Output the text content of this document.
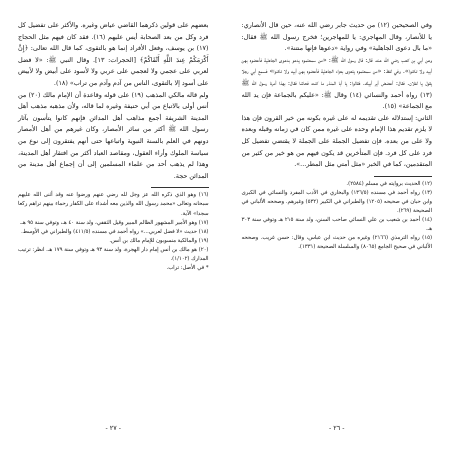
بعضهم على قولين ذكرهما القاضي عياض وغيره. والأكثر على تفضيل كل فرد وكل من بعد الصحابة أيس عليهم (١٦). فقد كان فيهم مثل الحجاج (١٧) بن يوسف، وفعل الأفراد إنما هو بالتقوى، كما قال الله تعالى: ﴿إِنَّ أَكْرَمَكُمْ عِندَ اللَّهِ أَتْقَاكُمْ﴾ [الحجرات: ١٣]. وقال النبي ﷺ: «لا فضل لعربي على عجمي ولا لعجمي على عربي ولا لأسود على أبيض ولا لأبيض على أسود إلا بالتقوى، الناس من آدم وآدم من تراب» (١٨).

ولم قاله مالكي المذهب (١٩) على قوله وقاعدة أن الإمام مالك (٢٠) من أنس أولى بالاتباع من أبي حنيفة وغيره لما قاله، ولأن مذهبه مذهب أهل المدينة الشريفة أجمع مذاهب أهل المدائن فإنهم كانوا يتأسون بآثار رسول الله ﷺ أكثر من سائر الأمصار، وكان غيرهم من أهل الأمصار دونهم في العلم بالسنة النبوية واتباعها حتى أنهم يفتقرون إلى نوع من سياسة الملوك وأراء العقول، ومقاصد العباد أكثر من افتقار أهل المدينة، وهذا لم يذهب أحد من علماء المسلمين إلى أن إجماع أهل مدينة من المدائن حجة.

(١٦) وهو الذي ذكره الله عز وجل لله رضي عنهم ورضوا عنه وقد أثنى الله عليهم سبحانه وتعالى «محمد رسول الله والذين معه أشداء على الكفار رحماء بينهم تراهم ركعا سجدا» الآية.

(١٧) وهو الأمير المشهور الظالم المبير وقيل الثقفي، ولد سنة ٤٠ هـ، وتوفي سنة ٩٥ هـ.

(١٨) حديث «لا فضل لعربي...» رواه أحمد في مسنده (٤١١/٥) والطبراني في الأوسط.

(١٩) والمالكية منسوبون للإمام مالك بن أنس.

(٢٠) هو مالك بن أنس إمام دار الهجرة، ولد سنة ٩٣ هـ وتوفي سنة ١٧٩ هـ. انظر: ترتيب المدارك (١/١٠٢).

* في الأصل: تراب.

- ٢٧ -

وفي الصحيحين (١٢) من حديث جابر رضي الله عنه، حين قال الأنصاري: يا للأنصار، وقال المهاجري: يا للمهاجرين؛ فخرج رسول الله ﷺ فقال: «ما بال دعوى الجاهلية» وفي رواية «دعوها فإنها منتنة».

وعن أبي بن كعب رضي الله عنه، قال: قال رسول الله ﷺ: «من سمعتموه يدعو بدعوى الجاهلية فأعضوه بهن أبيه ولا تكنوا». وفي لفظ: «من سمعتموه يتعزى بعزاء الجاهلية فأعضوه بهن أبيه ولا تكنوا» فسمع أبي رجلا يقول يا لفلان. فقال: أعضض أير أبيك. فقالوا: يا أبا المنذر ما كنت فحاشا فقال: بهذا أمرنا رسول الله ﷺ (١٣) رواه أحمد والنسائي (١٤) وقال ﷺ: «عليكم بالجماعة فإن يد الله مع الجماعة» (١٥).

الثاني: إستدلاله على تقديمه له على غيره بكونه من خير القرون فإن هذا لا يلزم تقديم هذا الإمام وحده على غيره ممن كان في زمانه وقبله وبعده ولا على من بعده. فإن تفضيل الجملة على الجملة لا يقتضي تفضيل كل فرد على كل فرد. فإن المتأخرين قد يكون فيهم من هو خير من كثير من المتقدمين، كما في الخبر «مثل أمتي مثل المطر...».

(١٢) الحديث بروايته في مسلم (٢٥٨٤).

(١٣) رواه أحمد في مسنده (١٣٦/٥) والبخاري في الأدب المفرد والنسائي في الكبرى وابن حبان في صحيحه (١٢٠٥) والطبراني في الكبير (٥٣٢) وغيرهم. وصححه الألباني في الصحيحة (٢٦٩).

(١٤) أحمد بن شعيب بن علي النسائي صاحب السنن، ولد سنة ٢١٥ هـ وتوفي سنة ٣٠٣ هـ.

(١٥) رواه الترمذي (٢١٦٦) وغيره من حديث ابن عباس، وقال: حسن غريب. وصححه الألباني في صحيح الجامع (٨٠٦٥) والسلسلة الصحيحة (١٣٣١).

- ٢٦ -
